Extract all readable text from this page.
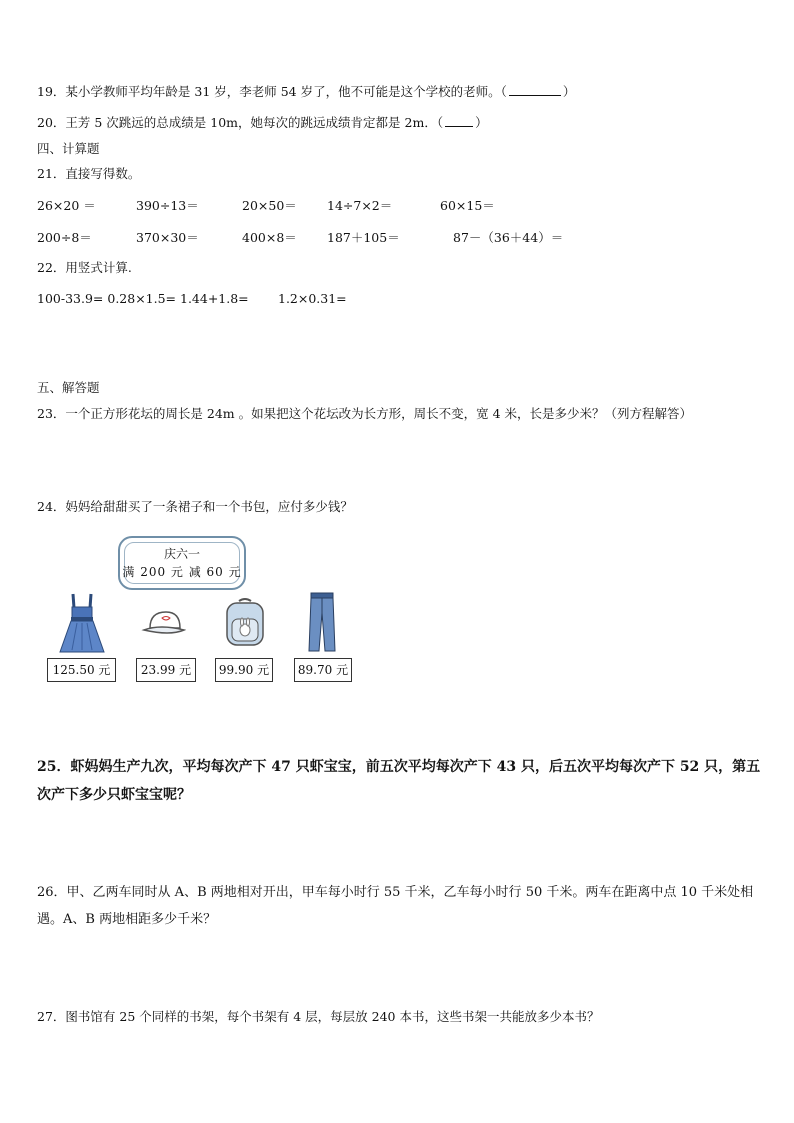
19．某小学教师平均年龄是 31 岁，李老师 54 岁了，他不可能是这个学校的老师。（	）
20．王芳 5 次跳远的总成绩是 10m，她每次的跳远成绩肯定都是 2m．（	）
四、计算题
21．直接写得数。
26×20 ＝	390÷13＝	20×50＝ 14÷7×2＝	60×15＝
200÷8＝	370×30＝	400×8＝ 187＋105＝	87－（36＋44）＝
22．用竖式计算.
100-33.9= 0.28×1.5= 1.44+1.8= 1.2×0.31=
五、解答题
23．一个正方形花坛的周长是 24m 。如果把这个花坛改为长方形，周长不变，宽 4 米，长是多少米？（列方程解答）
24．妈妈给甜甜买了一条裙子和一个书包，应付多少钱？
庆六一
满 200 元 减 60 元
125.50 元	23.99 元	99.90 元	89.70 元
25．虾妈妈生产九次，平均每次产下 47 只虾宝宝，前五次平均每次产下 43 只，后五次平均每次产下 52 只，第五次产下多少只虾宝宝呢？
26．甲、乙两车同时从 A、B 两地相对开出，甲车每小时行 55 千米，乙车每小时行 50 千米。两车在距离中点 10 千米处相遇。A、B 两地相距多少千米？
27．图书馆有 25 个同样的书架，每个书架有 4 层，每层放 240 本书，这些书架一共能放多少本书？
